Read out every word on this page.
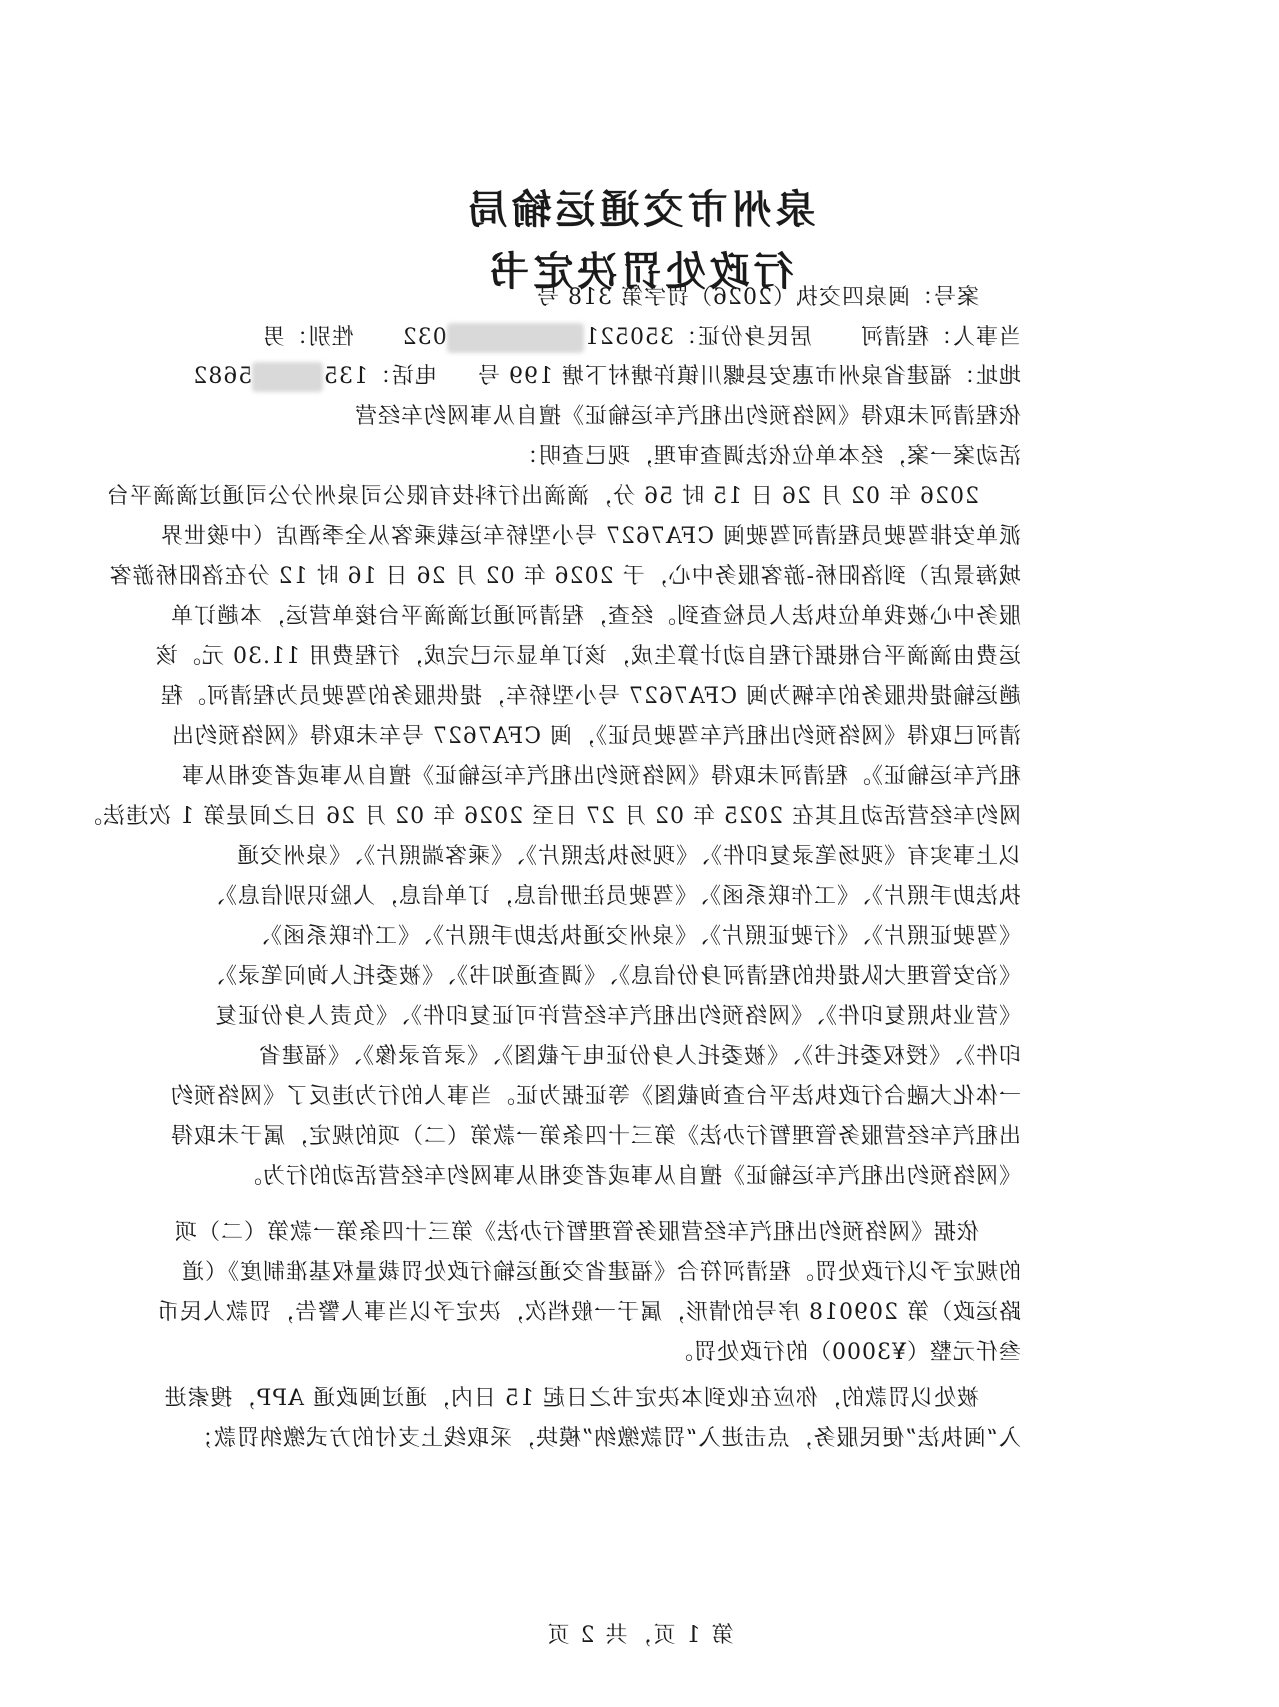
泉州市交通运输局
行政处罚决定书
案号：闽泉四交执（2026）罚字第 318 号
当事人：程清河      居民身份证：350521032      性别：男
地址：福建省泉州市惠安县螺川镇许塘村下塘 199 号     电话：1355682
依程清河未取得《网络预约出租汽车运输证》擅自从事网约车经营
活动案一案，经本单位依法调查审理，现已查明：
2026 年 02 月 26 日 15 时 56 分，滴滴出行科技有限公司泉州分公司通过滴滴平台
派单安排驾驶员程清河驾驶闽 CFA7627 号小型轿车运载乘客从全季酒店（中骏世界
城海景店）到洛阳桥-游客服务中心，于 2026 年 02 月 26 日 16 时 12 分在洛阳桥游客
服务中心被我单位执法人员检查到。经查，程清河通过滴滴平台接单营运，本趟订单
运费由滴滴平台根据行程自动计算生成，该订单显示已完成，行程费用 11.30 元。该
趟运输提供服务的车辆为闽 CFA7627 号小型轿车，提供服务的驾驶员为程清河。程
清河已取得《网络预约出租汽车驾驶员证》，闽 CFA7627 号车未取得《网络预约出
租汽车运输证》。程清河未取得《网络预约出租汽车运输证》擅自从事或者变相从事
网约车经营活动且其在 2025 年 02 月 27 日至 2026 年 02 月 26 日之间是第 1 次违法。
以上事实有《现场笔录复印件》、《现场执法照片》、《乘客端照片》、《泉州交通
执法助手照片》、《工作联系函》、《驾驶员注册信息，订单信息，人脸识别信息》、
《驾驶证照片》、《行驶证照片》、《泉州交通执法助手照片》、《工作联系函》、
《治安管理大队提供的程清河身份信息》、《调查通知书》、《被委托人询问笔录》、
《营业执照复印件》、《网络预约出租汽车经营许可证复印件》、《负责人身份证复
印件》、《授权委托书》、《被委托人身份证电子截图》、《录音录像》、《福建省
一体化大融合行政执法平台查询截图》等证据为证。当事人的行为违反了《网络预约
出租汽车经营服务管理暂行办法》第三十四条第一款第（二）项的规定，属于未取得
《网络预约出租汽车运输证》擅自从事或者变相从事网约车经营活动的行为。
依据《网络预约出租汽车经营服务管理暂行办法》第三十四条第一款第（二）项
的规定予以行政处罚。程清河符合《福建省交通运输行政处罚裁量权基准制度》（道
路运政）第 209018 序号的情形，属于一般档次，决定予以当事人警告，罚款人民币
叁仟元整（¥3000）的行政处罚。
被处以罚款的，你应在收到本决定书之日起 15 日内，通过闽政通 APP，搜索进
入“闽执法”便民服务，点击进入“罚款缴纳”模块，采取线上支付的方式缴纳罚款；
第 1 页，共 2 页
